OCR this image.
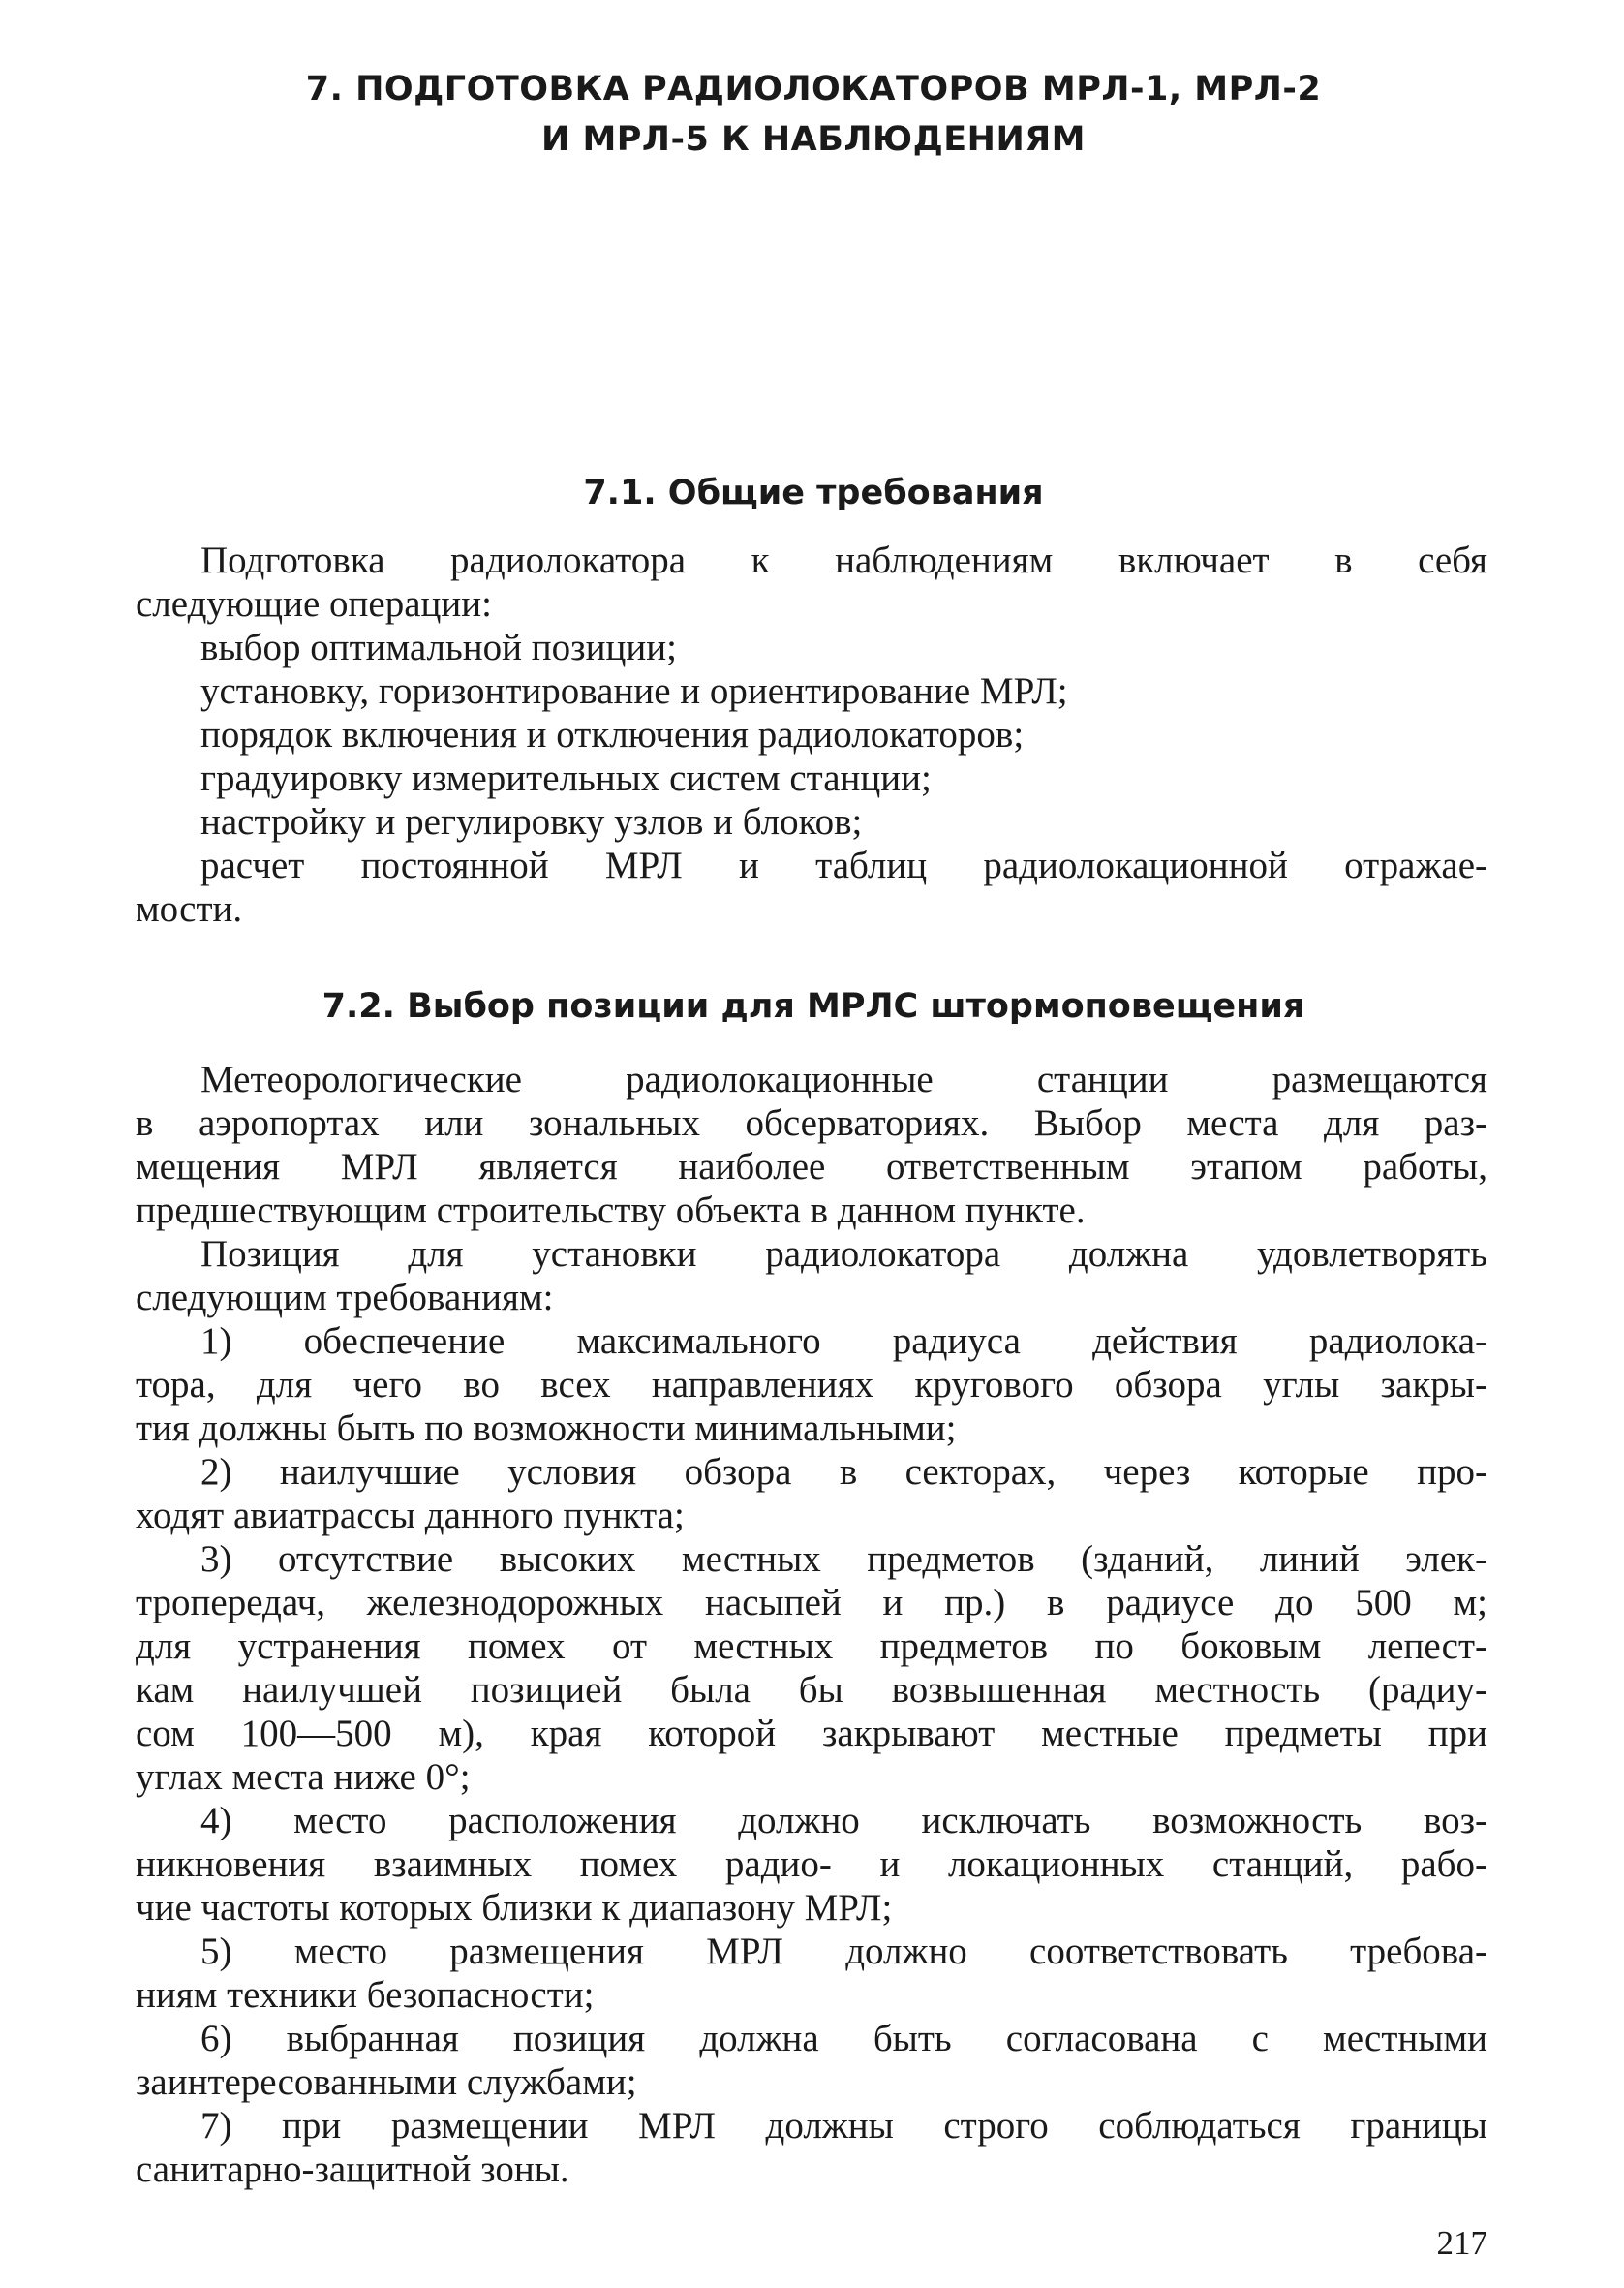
7. ПОДГОТОВКА РАДИОЛОКАТОРОВ МРЛ-1, МРЛ-2
И МРЛ-5 К НАБЛЮДЕНИЯМ
7.1. Общие требования
Подготовка радиолокатора к наблюдениям включает в себя
следующие операции:
выбор оптимальной позиции;
установку, горизонтирование и ориентирование МРЛ;
порядок включения и отключения радиолокаторов;
градуировку измерительных систем станции;
настройку и регулировку узлов и блоков;
расчет постоянной МРЛ и таблиц радиолокационной отражае-
мости.
7.2. Выбор позиции для МРЛС штормоповещения
Метеорологические радиолокационные станции размещаются
в аэропортах или зональных обсерваториях. Выбор места для раз-
мещения МРЛ является наиболее ответственным этапом работы,
предшествующим строительству объекта в данном пункте.
Позиция для установки радиолокатора должна удовлетворять
следующим требованиям:
1) обеспечение максимального радиуса действия радиолока-
тора, для чего во всех направлениях кругового обзора углы закры-
тия должны быть по возможности минимальными;
2) наилучшие условия обзора в секторах, через которые про-
ходят авиатрассы данного пункта;
3) отсутствие высоких местных предметов (зданий, линий элек-
тропередач, железнодорожных насыпей и пр.) в радиусе до 500 м;
для устранения помех от местных предметов по боковым лепест-
кам наилучшей позицией была бы возвышенная местность (радиу-
сом 100—500 м), края которой закрывают местные предметы при
углах места ниже 0°;
4) место расположения должно исключать возможность воз-
никновения взаимных помех радио- и локационных станций, рабо-
чие частоты которых близки к диапазону МРЛ;
5) место размещения МРЛ должно соответствовать требова-
ниям техники безопасности;
6) выбранная позиция должна быть согласована с местными
заинтересованными службами;
7) при размещении МРЛ должны строго соблюдаться границы
санитарно-защитной зоны.

217
